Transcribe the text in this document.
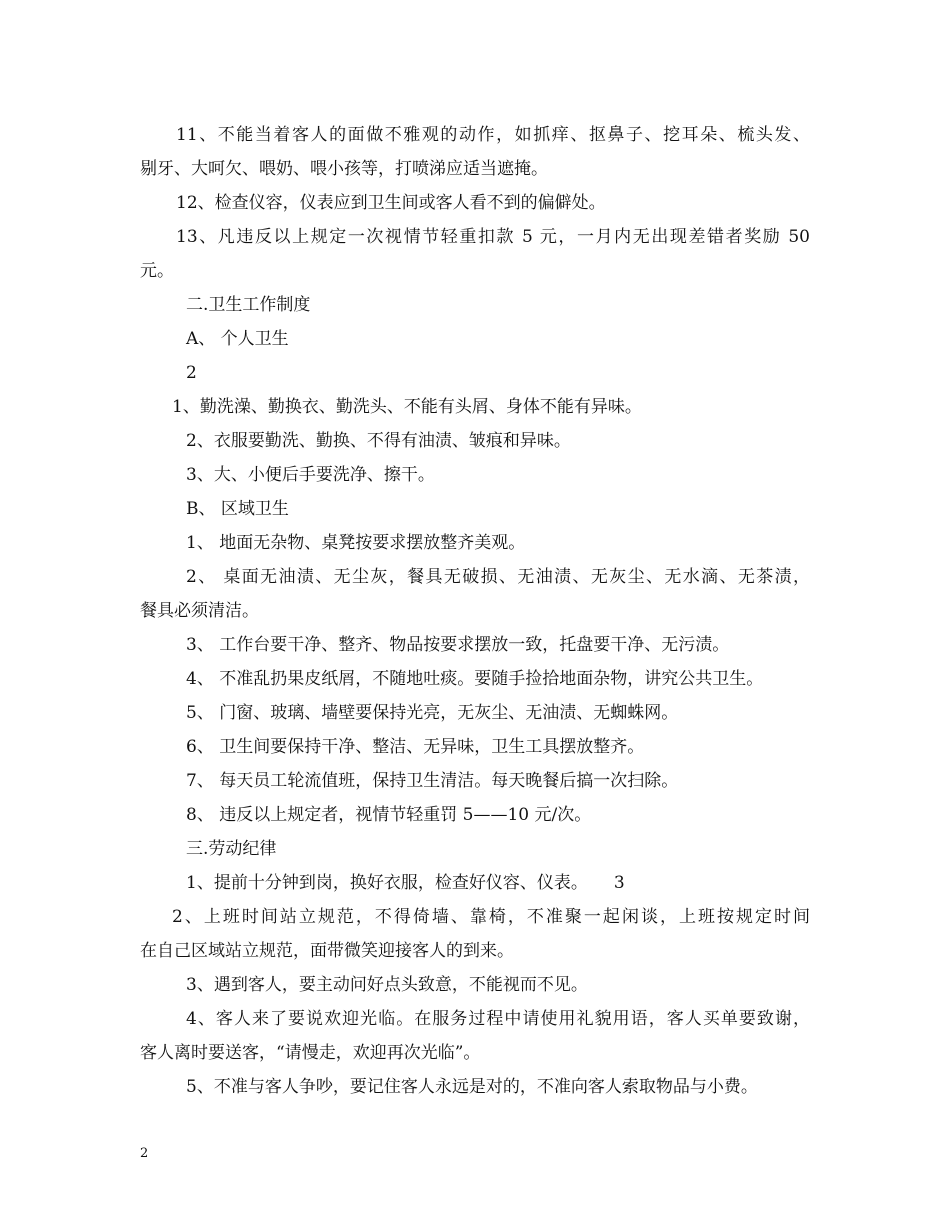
11、不能当着客人的面做不雅观的动作，如抓痒、抠鼻子、挖耳朵、梳头发、
剔牙、大呵欠、喂奶、喂小孩等，打喷涕应适当遮掩。
12、检查仪容，仪表应到卫生间或客人看不到的偏僻处。
13、凡违反以上规定一次视情节轻重扣款 5 元，一月内无出现差错者奖励 50
元。
二.卫生工作制度
A、 个人卫生
2
1、勤洗澡、勤换衣、勤洗头、不能有头屑、身体不能有异味。
2、衣服要勤洗、勤换、不得有油渍、皱痕和异味。
3、大、小便后手要洗净、擦干。
B、 区域卫生
1、 地面无杂物、桌凳按要求摆放整齐美观。
2、 桌面无油渍、无尘灰，餐具无破损、无油渍、无灰尘、无水滴、无茶渍，
餐具必须清洁。
3、 工作台要干净、整齐、物品按要求摆放一致，托盘要干净、无污渍。
4、 不准乱扔果皮纸屑，不随地吐痰。要随手捡拾地面杂物，讲究公共卫生。
5、 门窗、玻璃、墙壁要保持光亮，无灰尘、无油渍、无蜘蛛网。
6、 卫生间要保持干净、整洁、无异味，卫生工具摆放整齐。
7、 每天员工轮流值班，保持卫生清洁。每天晚餐后搞一次扫除。
8、 违反以上规定者，视情节轻重罚 5——10 元/次。
三.劳动纪律
1、提前十分钟到岗，换好衣服，检查好仪容、仪表。 3
2、上班时间站立规范，不得倚墙、靠椅，不准聚一起闲谈，上班按规定时间
在自己区域站立规范，面带微笑迎接客人的到来。
3、遇到客人，要主动问好点头致意，不能视而不见。
4、客人来了要说欢迎光临。在服务过程中请使用礼貌用语，客人买单要致谢，
客人离时要送客，“请慢走，欢迎再次光临”。
5、不准与客人争吵，要记住客人永远是对的，不准向客人索取物品与小费。
2
